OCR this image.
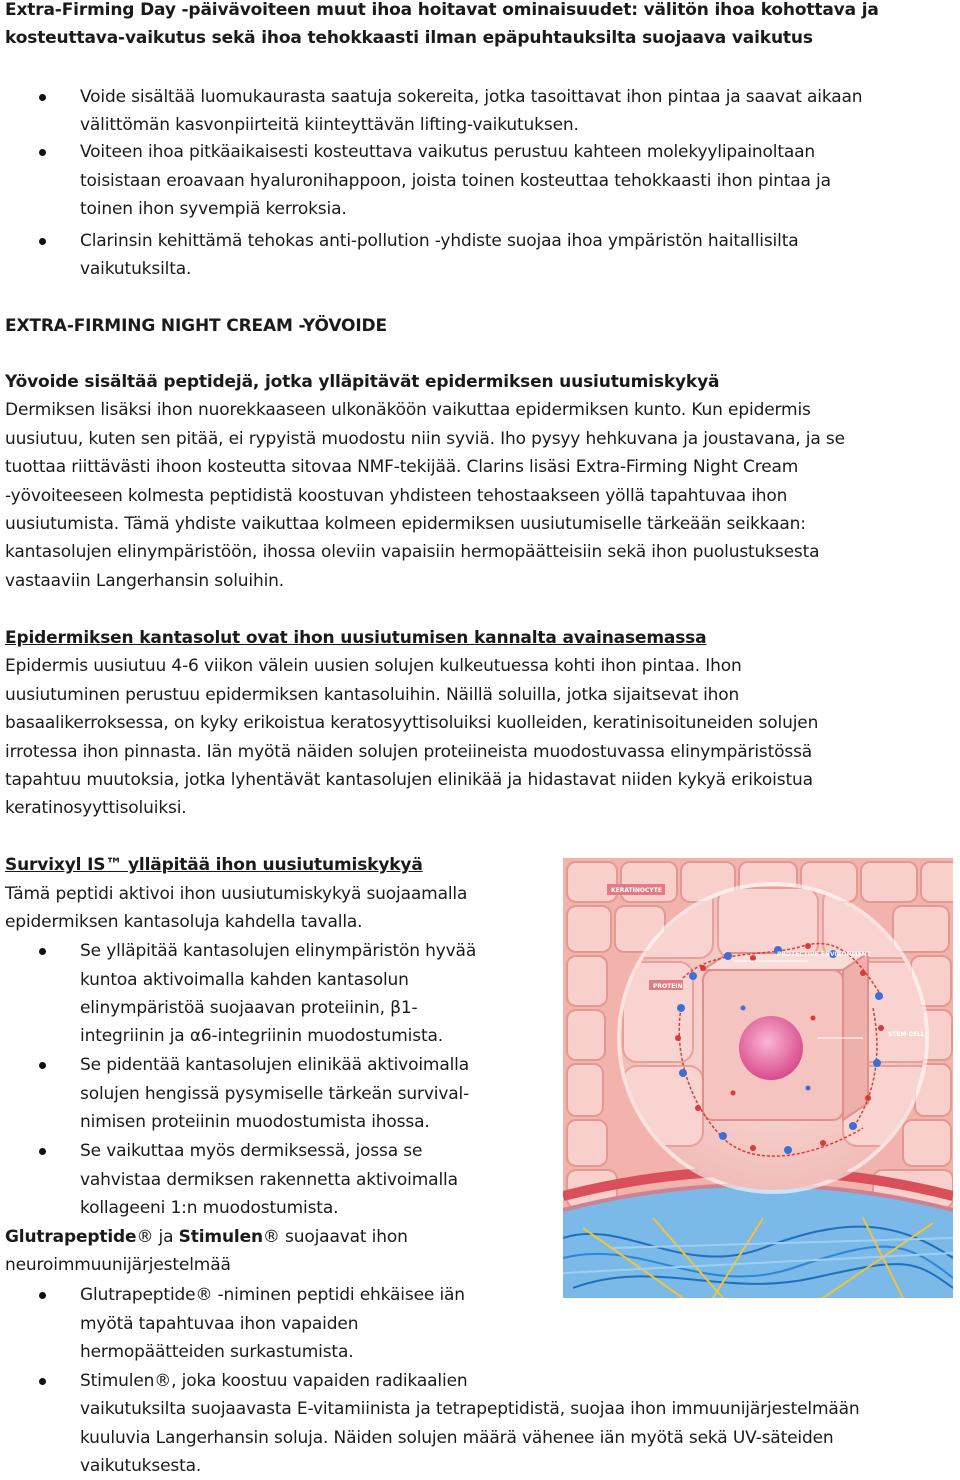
Extra-Firming Day -päivävoiteen muut ihoa hoitavat ominaisuudet: välitön ihoa kohottava ja
kosteuttava-vaikutus sekä ihoa tehokkaasti ilman epäpuhtauksilta suojaava vaikutus
Voide sisältää luomukaurasta saatuja sokereita, jotka tasoittavat ihon pintaa ja saavat aikaan
välittömän kasvonpiirteitä kiinteyttävän lifting-vaikutuksen.
Voiteen ihoa pitkäaikaisesti kosteuttava vaikutus perustuu kahteen molekyylipainoltaan
toisistaan eroavaan hyaluronihappoon, joista toinen kosteuttaa tehokkaasti ihon pintaa ja
toinen ihon syvempiä kerroksia.
Clarinsin kehittämä tehokas anti-pollution -yhdiste suojaa ihoa ympäristön haitallisilta
vaikutuksilta.
EXTRA-FIRMING NIGHT CREAM -YÖVOIDE
Yövoide sisältää peptidejä, jotka ylläpitävät epidermiksen uusiutumiskykyä
Dermiksen lisäksi ihon nuorekkaaseen ulkonäköön vaikuttaa epidermiksen kunto. Kun epidermis
uusiutuu, kuten sen pitää, ei rypyistä muodostu niin syviä. Iho pysyy hehkuvana ja joustavana, ja se
tuottaa riittävästi ihoon kosteutta sitovaa NMF-tekijää. Clarins lisäsi Extra-Firming Night Cream
-yövoiteeseen kolmesta peptidistä koostuvan yhdisteen tehostaakseen yöllä tapahtuvaa ihon
uusiutumista. Tämä yhdiste vaikuttaa kolmeen epidermiksen uusiutumiselle tärkeään seikkaan:
kantasolujen elinympäristöön, ihossa oleviin vapaisiin hermopäätteisiin sekä ihon puolustuksesta
vastaaviin Langerhansin soluihin.
Epidermiksen kantasolut ovat ihon uusiutumisen kannalta avainasemassa
Epidermis uusiutuu 4-6 viikon välein uusien solujen kulkeutuessa kohti ihon pintaa. Ihon
uusiutuminen perustuu epidermiksen kantasoluihin. Näillä soluilla, jotka sijaitsevat ihon
basaalikerroksessa, on kyky erikoistua keratosyyttisoluiksi kuolleiden, keratinisoituneiden solujen
irrotessa ihon pinnasta. Iän myötä näiden solujen proteiineista muodostuvassa elinympäristössä
tapahtuu muutoksia, jotka lyhentävät kantasolujen elinikää ja hidastavat niiden kykyä erikoistua
keratinosyyttisoluiksi.
Survixyl IS™ ylläpitää ihon uusiutumiskykyä
Tämä peptidi aktivoi ihon uusiutumiskykyä suojaamalla
epidermiksen kantasoluja kahdella tavalla.
Se ylläpitää kantasolujen elinympäristön hyvää
kuntoa aktivoimalla kahden kantasolun
elinympäristöä suojaavan proteiinin, β1-
integriinin ja α6-integriinin muodostumista.
Se pidentää kantasolujen elinikää aktivoimalla
solujen hengissä pysymiselle tärkeän survival-
nimisen proteiinin muodostumista ihossa.
Se vaikuttaa myös dermiksessä, jossa se
vahvistaa dermiksen rakennetta aktivoimalla
kollageeni 1:n muodostumista.
Glutrapeptide® ja Stimulen® suojaavat ihon
neuroimmuunijärjestelmää
Glutrapeptide® -niminen peptidi ehkäisee iän
myötä tapahtuvaa ihon vapaiden
hermopäätteiden surkastumista.
Stimulen®, joka koostuu vapaiden radikaalien
vaikutuksilta suojaavasta E-vitamiinista ja tetrapeptidistä, suojaa ihon immuunijärjestelmään
kuuluvia Langerhansin soluja. Näiden solujen määrä vähenee iän myötä sekä UV-säteiden
vaikutuksesta.
KERATINOCYTE
PROTECTIVE ENVIRONMENT
PROTEIN
STEM CELL
